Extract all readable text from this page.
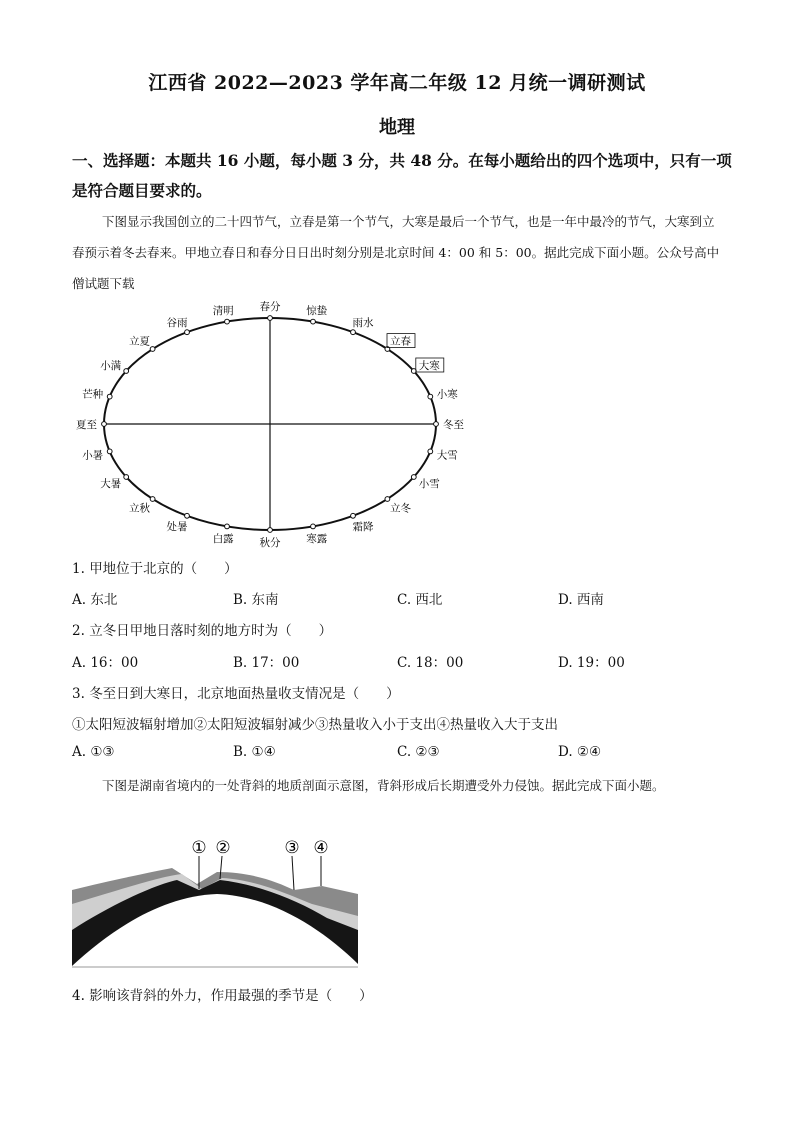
江西省 2022—2023 学年高二年级 12 月统一调研测试
地理
一、选择题：本题共 16 小题，每小题 3 分，共 48 分。在每小题给出的四个选项中，只有一项是符合题目要求的。
下图显示我国创立的二十四节气，立春是第一个节气，大寒是最后一个节气，也是一年中最冷的节气，大寒到立春预示着冬去春来。甲地立春日和春分日日出时刻分别是北京时间 4：00 和 5：00。据此完成下面小题。公众号高中僧试题下载
春分 惊蛰
雨水
立春
大寒
小寒
冬至
大雪
小雪
立冬
霜降
寒露
秋分
白露
处暑
立秋
大暑
小暑
夏至
芒种
小满
立夏
谷雨
清明
1. 甲地位于北京的（　　）
A. 东北	B. 东南	C. 西北	D. 西南
2. 立冬日甲地日落时刻的地方时为（　　）
A. 16：00	B. 17：00	C. 18：00	D. 19：00
3. 冬至日到大寒日，北京地面热量收支情况是（　　）
①太阳短波辐射增加②太阳短波辐射减少③热量收入小于支出④热量收入大于支出
A. ①③	B. ①④	C. ②③	D. ②④
下图是湖南省境内的一处背斜的地质剖面示意图，背斜形成后长期遭受外力侵蚀。据此完成下面小题。
① ②	③ ④
4. 影响该背斜的外力，作用最强的季节是（　　）
